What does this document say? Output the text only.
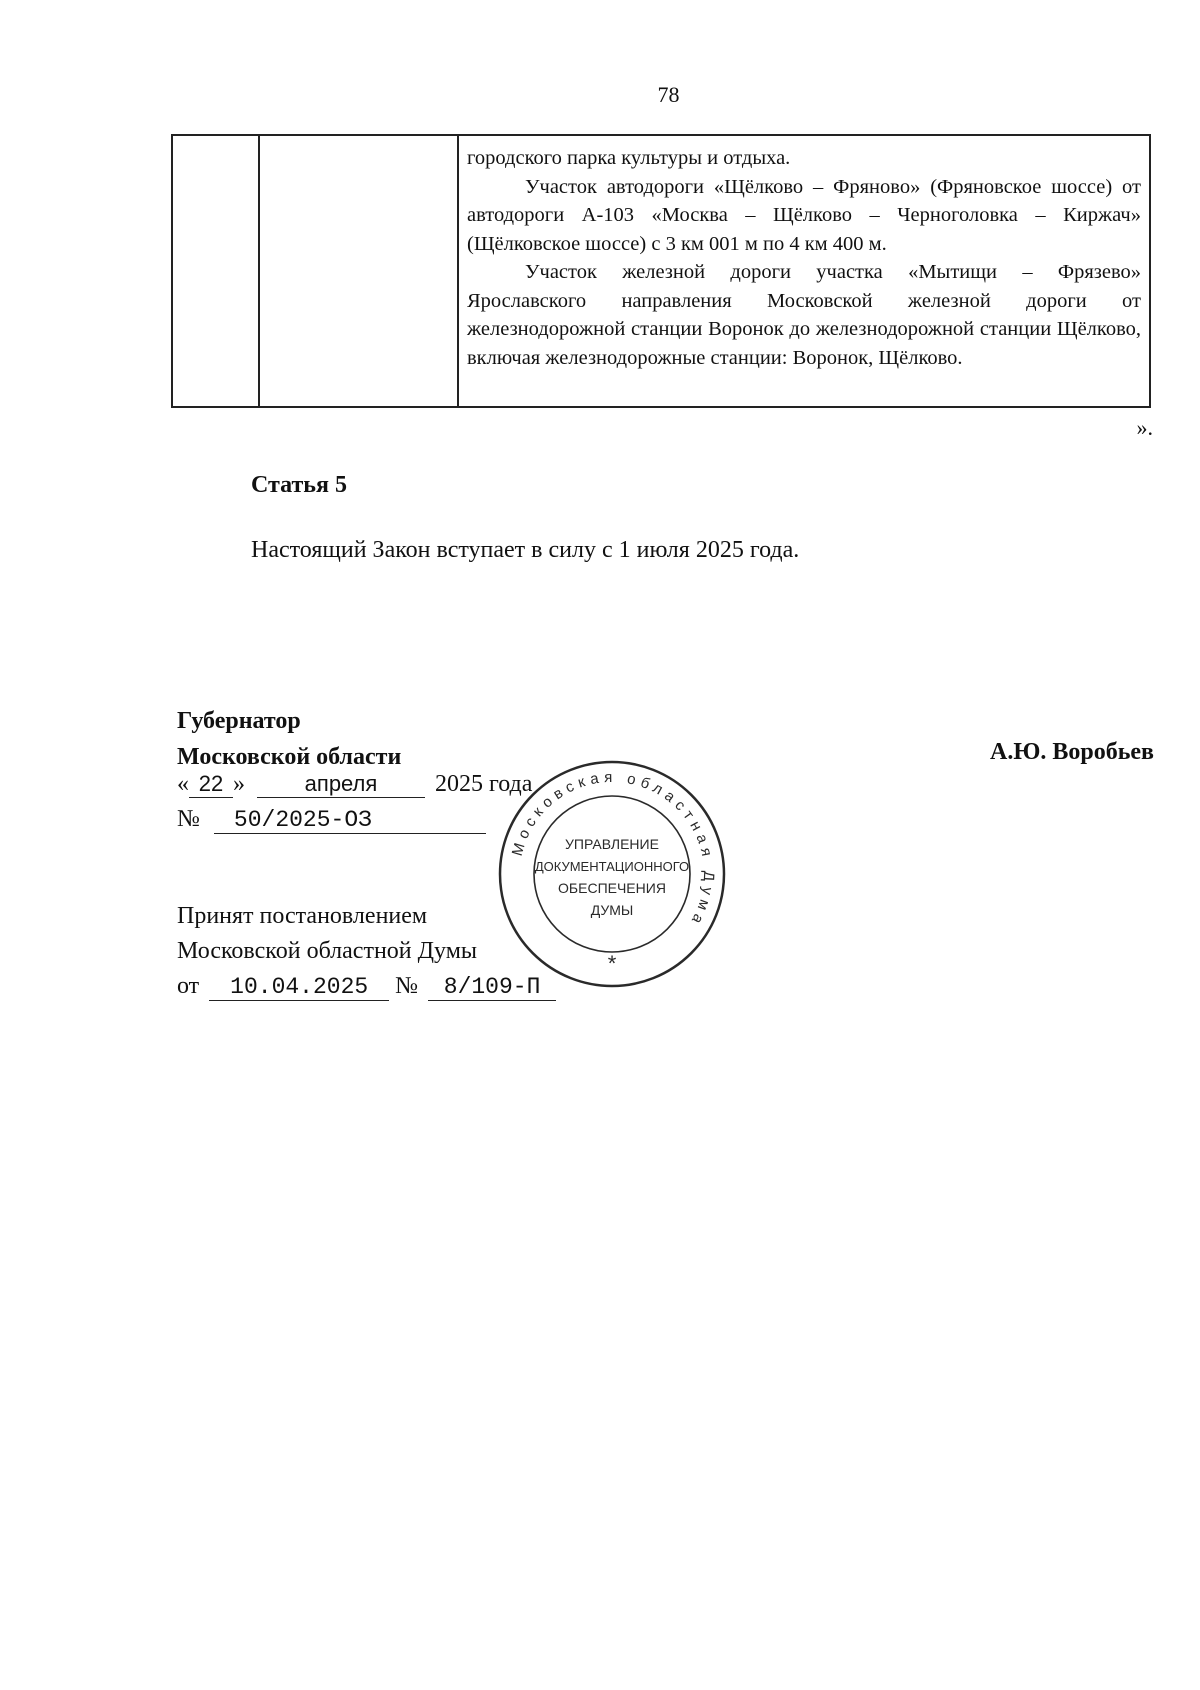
78

городского парка культуры и отдыха.

Участок автодороги «Щёлково – Фряново» (Фряновское шоссе) от автодороги А-103 «Москва – Щёлково – Черноголовка – Киржач» (Щёлковское шоссе) с 3 км 001 м по 4 км 400 м.

Участок железной дороги участка «Мытищи – Фрязево» Ярославского направления Московской железной дороги от железнодорожной станции Воронок до железнодорожной станции Щёлково, включая железнодорожные станции: Воронок, Щёлково.

».
Статья 5
Настоящий Закон вступает в силу с 1 июля 2025 года.
Губернатор
Московской области	А.Ю. Воробьев
« 22 »	апреля 2025 года
№ 50/2025-ОЗ
Принят постановлением
Московской областной Думы
от 10.04.2025 № 8/109-П
Московская областная Дума
УПРАВЛЕНИЕ
ДОКУМЕНТАЦИОННОГО
ОБЕСПЕЧЕНИЯ
ДУМЫ
*
